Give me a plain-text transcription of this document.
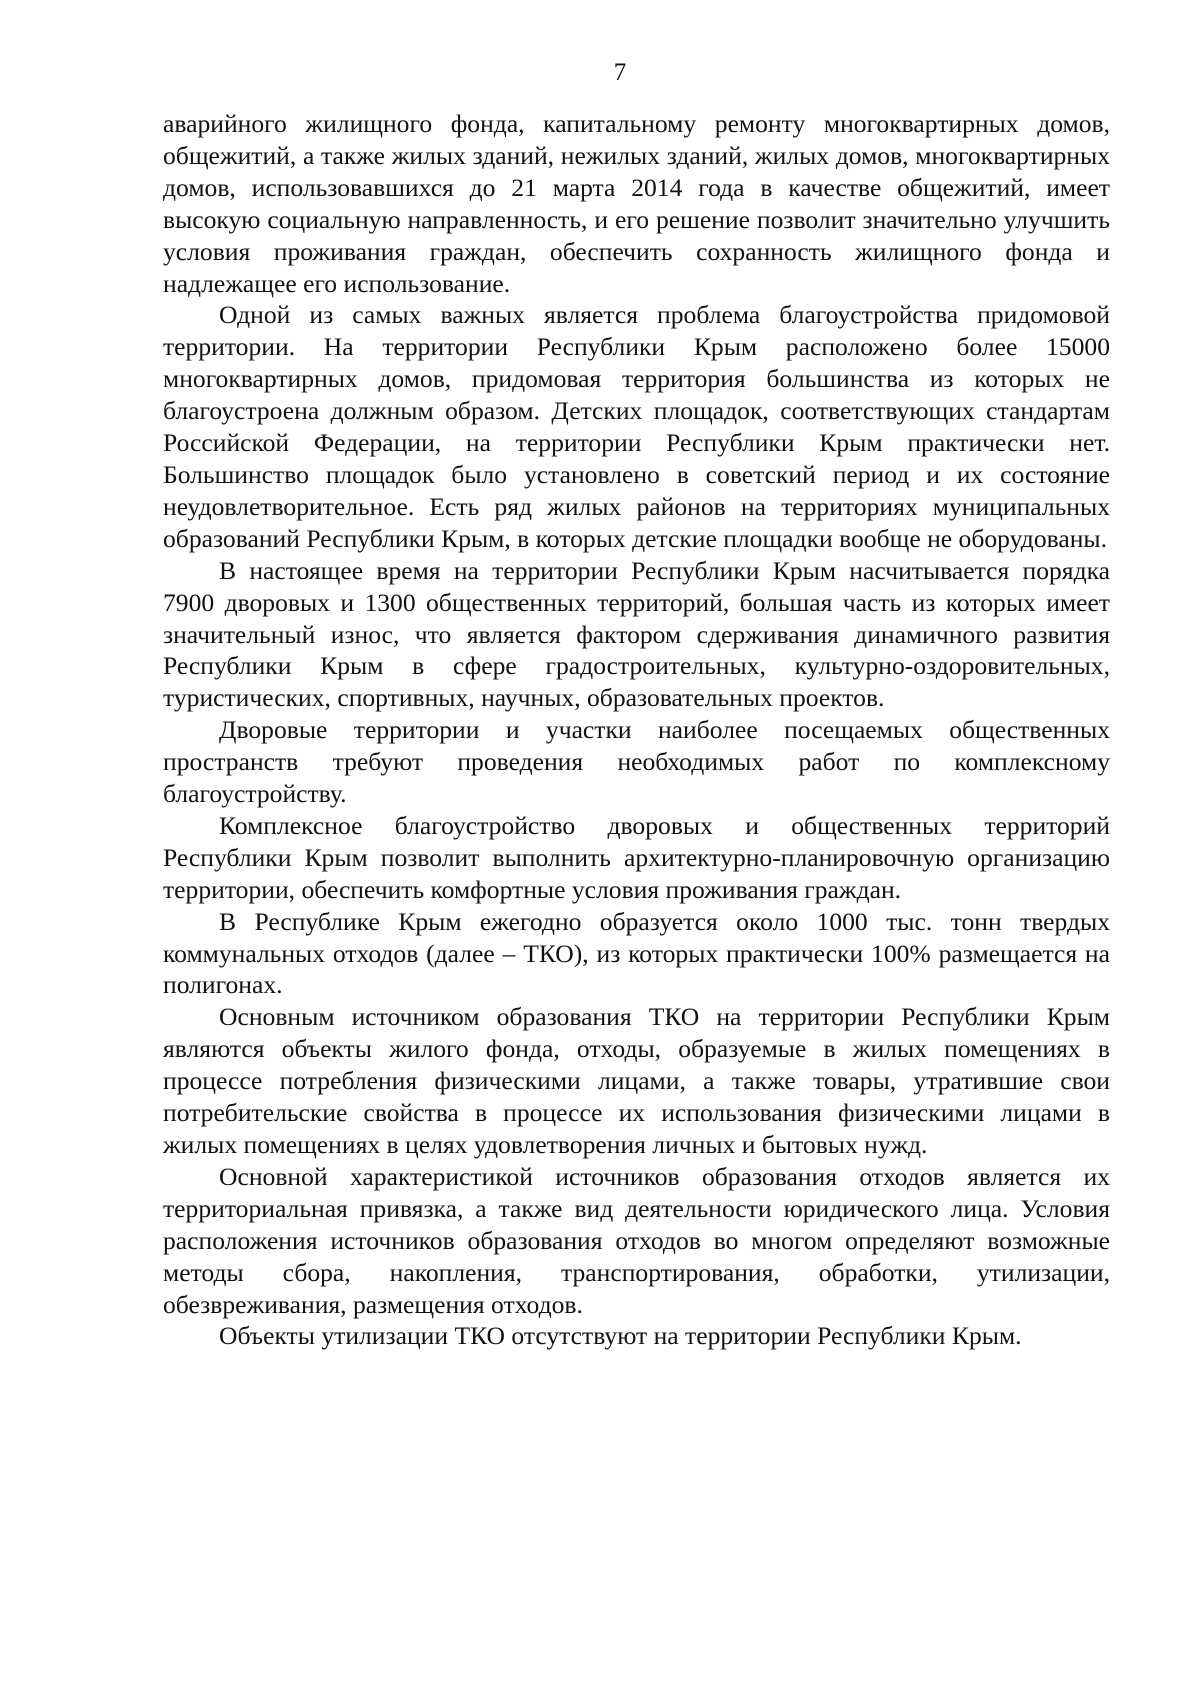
7

аварийного жилищного фонда, капитальному ремонту многоквартирных домов, общежитий, а также жилых зданий, нежилых зданий, жилых домов, многоквартирных домов, использовавшихся до 21 марта 2014 года в качестве общежитий, имеет высокую социальную направленность, и его решение позволит значительно улучшить условия проживания граждан, обеспечить сохранность жилищного фонда и надлежащее его использование.

Одной из самых важных является проблема благоустройства придомовой территории. На территории Республики Крым расположено более 15000 многоквартирных домов, придомовая территория большинства из которых не благоустроена должным образом. Детских площадок, соответствующих стандартам Российской Федерации, на территории Республики Крым практически нет. Большинство площадок было установлено в советский период и их состояние неудовлетворительное. Есть ряд жилых районов на территориях муниципальных образований Республики Крым, в которых детские площадки вообще не оборудованы.

В настоящее время на территории Республики Крым насчитывается порядка 7900 дворовых и 1300 общественных территорий, большая часть из которых имеет значительный износ, что является фактором сдерживания динамичного развития Республики Крым в сфере градостроительных, культурно-оздоровительных, туристических, спортивных, научных, образовательных проектов.

Дворовые территории и участки наиболее посещаемых общественных пространств требуют проведения необходимых работ по комплексному благоустройству.

Комплексное благоустройство дворовых и общественных территорий Республики Крым позволит выполнить архитектурно-планировочную организацию территории, обеспечить комфортные условия проживания граждан.

В Республике Крым ежегодно образуется около 1000 тыс. тонн твердых коммунальных отходов (далее – ТКО), из которых практически 100% размещается на полигонах.

Основным источником образования ТКО на территории Республики Крым являются объекты жилого фонда, отходы, образуемые в жилых помещениях в процессе потребления физическими лицами, а также товары, утратившие свои потребительские свойства в процессе их использования физическими лицами в жилых помещениях в целях удовлетворения личных и бытовых нужд.

Основной характеристикой источников образования отходов является их территориальная привязка, а также вид деятельности юридического лица. Условия расположения источников образования отходов во многом определяют возможные методы сбора, накопления, транспортирования, обработки, утилизации, обезвреживания, размещения отходов.

Объекты утилизации ТКО отсутствуют на территории Республики Крым.
